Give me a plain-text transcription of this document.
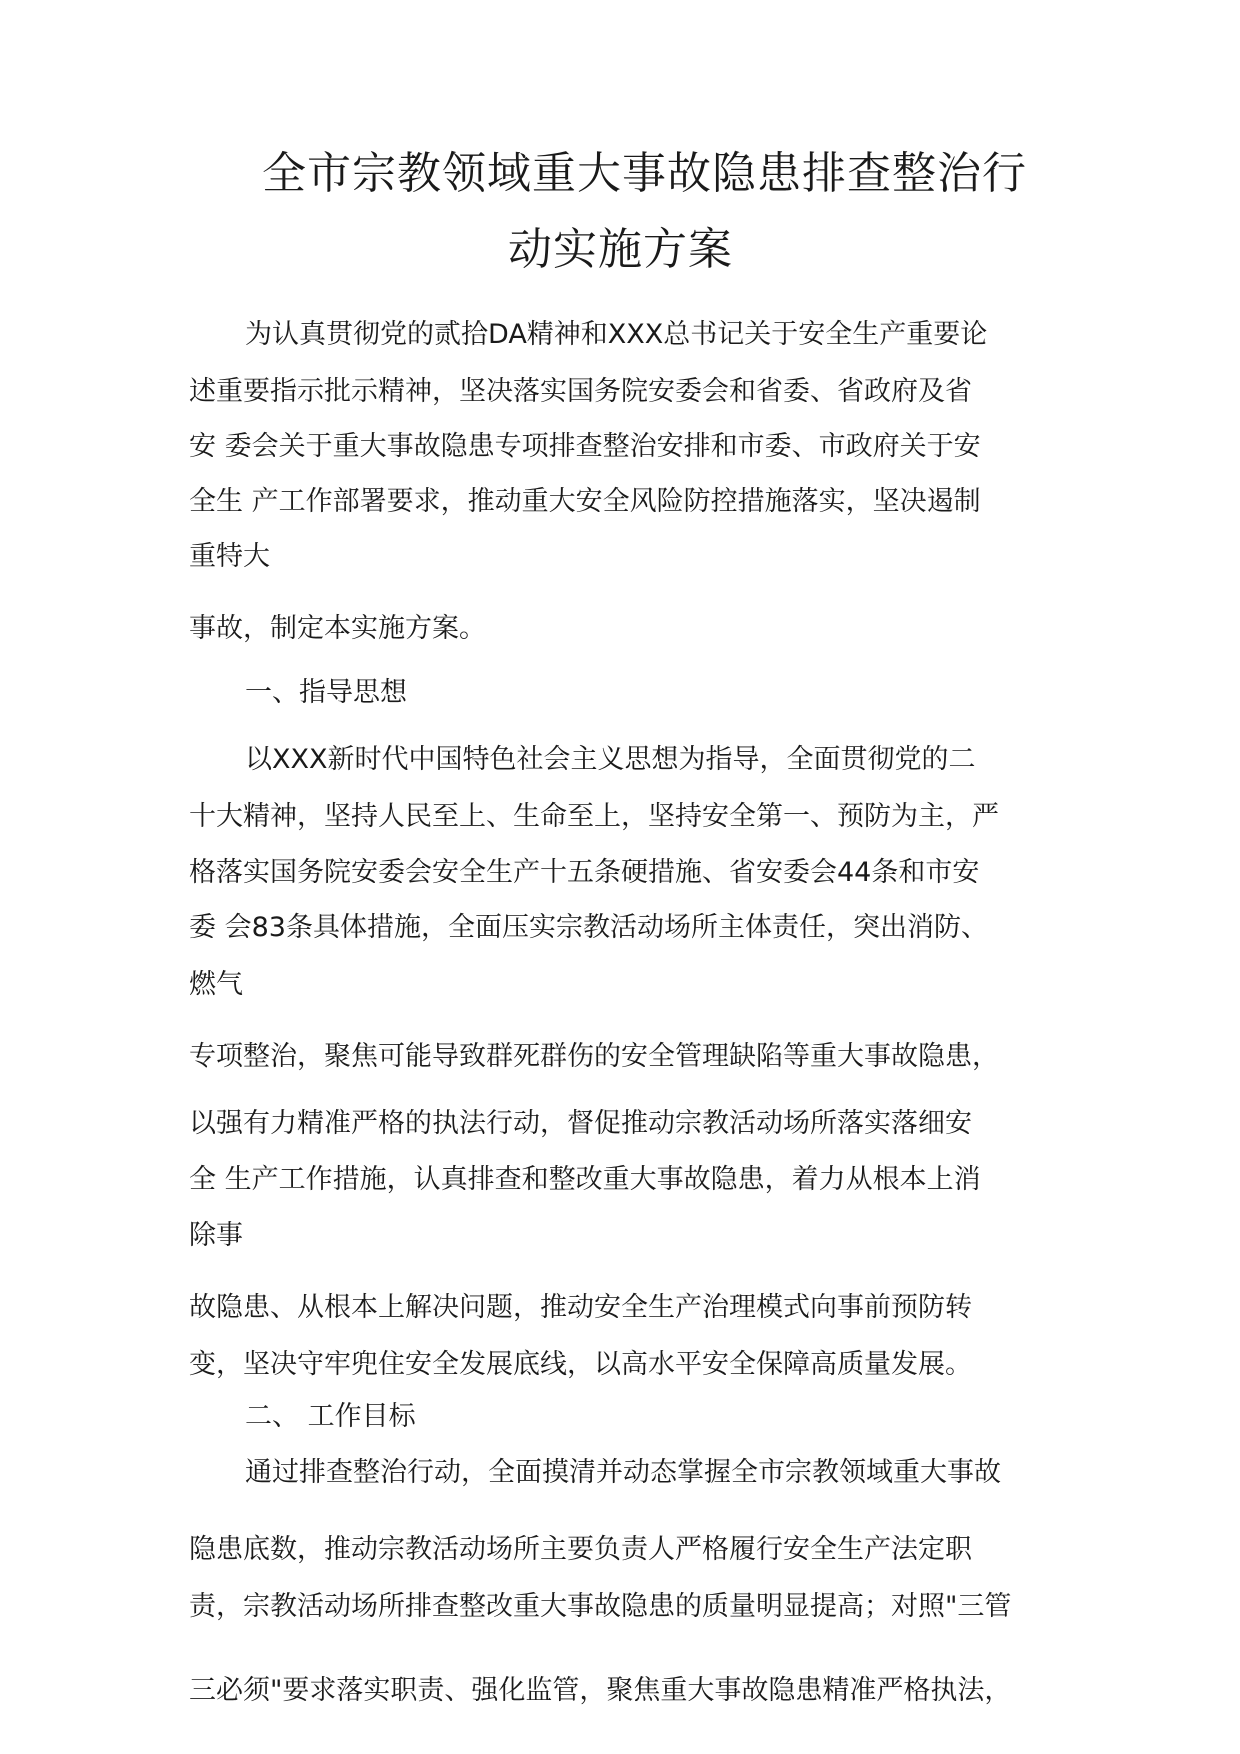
全市宗教领域重大事故隐患排查整治行
动实施方案
为认真贯彻党的贰拾DA精神和XXX总书记关于安全生产重要论
述重要指示批示精神，坚决落实国务院安委会和省委、省政府及省
安 委会关于重大事故隐患专项排查整治安排和市委、市政府关于安
全生 产工作部署要求，推动重大安全风险防控措施落实，坚决遏制
重特大
事故，制定本实施方案。
一、指导思想
以XXX新时代中国特色社会主义思想为指导，全面贯彻党的二
十大精神，坚持人民至上、生命至上，坚持安全第一、预防为主，严
格落实国务院安委会安全生产十五条硬措施、省安委会44条和市安
委 会83条具体措施，全面压实宗教活动场所主体责任，突出消防、
燃气
专项整治，聚焦可能导致群死群伤的安全管理缺陷等重大事故隐患，
以强有力精准严格的执法行动，督促推动宗教活动场所落实落细安
全 生产工作措施，认真排查和整改重大事故隐患，着力从根本上消
除事
故隐患、从根本上解决问题，推动安全生产治理模式向事前预防转
变，坚决守牢兜住安全发展底线，以高水平安全保障高质量发展。
二、 工作目标
通过排查整治行动，全面摸清并动态掌握全市宗教领域重大事故
隐患底数，推动宗教活动场所主要负责人严格履行安全生产法定职
责，宗教活动场所排查整改重大事故隐患的质量明显提高；对照"三管
三必须"要求落实职责、强化监管，聚焦重大事故隐患精准严格执法，
